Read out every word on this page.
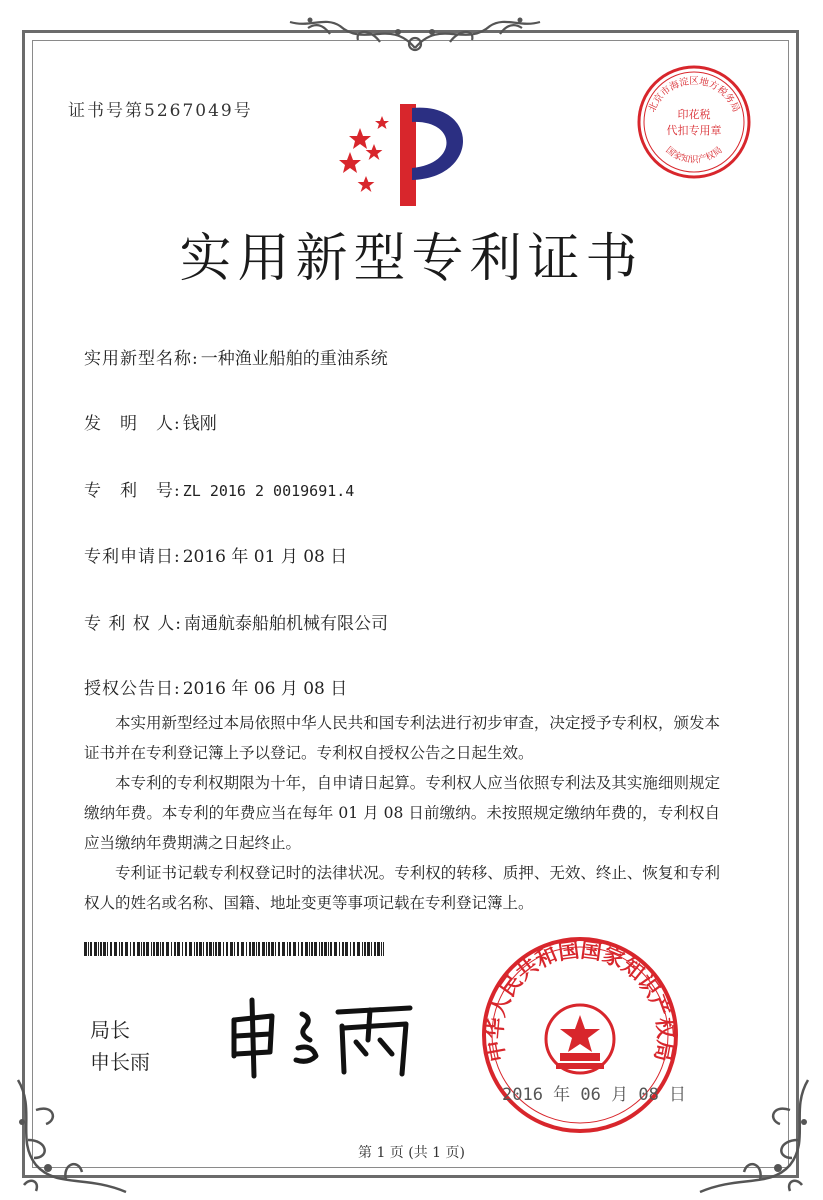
证书号第5267049号	北京市海淀区地方税务局
印花税
代扣专用章
国家知识产权局
实用新型专利证书
实用新型名称: 一种渔业船舶的重油系统
发　明　人: 钱刚
专　利　号: ZL 2016 2 0019691.4
专利申请日: 2016 年 01 月 08 日
专 利 权 人: 南通航泰船舶机械有限公司
授权公告日: 2016 年 06 月 08 日

本实用新型经过本局依照中华人民共和国专利法进行初步审查，决定授予专利权，颁发本证书并在专利登记簿上予以登记。专利权自授权公告之日起生效。

本专利的专利权期限为十年，自申请日起算。专利权人应当依照专利法及其实施细则规定缴纳年费。本专利的年费应当在每年 01 月 08 日前缴纳。未按照规定缴纳年费的，专利权自应当缴纳年费期满之日起终止。

专利证书记载专利权登记时的法律状况。专利权的转移、质押、无效、终止、恢复和专利权人的姓名或名称、国籍、地址变更等事项记载在专利登记簿上。

局长
申长雨	中华人民共和国国家知识产权局
2016 年 06 月 08 日
第 1 页 (共 1 页)
